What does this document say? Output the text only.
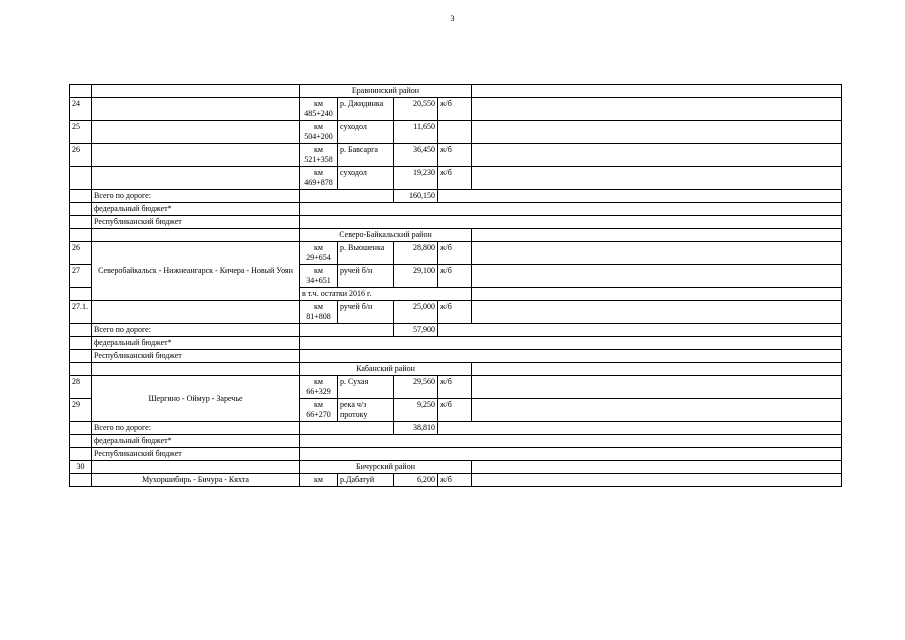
3
		Еравнинский район				
24		км 485+240	р. Джидинка	20,550	ж/б	
25		км 504+200	суходол	11,650		
26		км 521+358	р. Бавсарга	36,450	ж/б	
		км 469+878	суходол	19,230	ж/б	
	Всего по дороге:			160,150		
	федеральный бюджет*					
	Республиканский бюджет					
		Северо-Байкальский район				
26	Северобайкальск - Нижнеангарск - Кичера - Новый Уоян	км 29+654	р. Вьюшенка	28,800	ж/б	
27		км 34+651	ручей б/н	29,100	ж/б	
		в т.ч. остатки 2016 г.				
27.1.		км 81+808	ручей б/н	25,000	ж/б	
	Всего по дороге:			57,900		
	федеральный бюджет*					
	Республиканский бюджет					
		Кабанский район				
28	Шергино - Оймур - Заречье	км 66+329	р. Сухая	29,560	ж/б	
29		км 66+270	река ч/з протоку	9,250	ж/б	
	Всего по дороге:			38,810		
	федеральный бюджет*					
	Республиканский бюджет					
30		Бичурский район				
	Мухоршибирь - Бичура - Кяхта	км	р.Дабатуй	6,200	ж/б	
